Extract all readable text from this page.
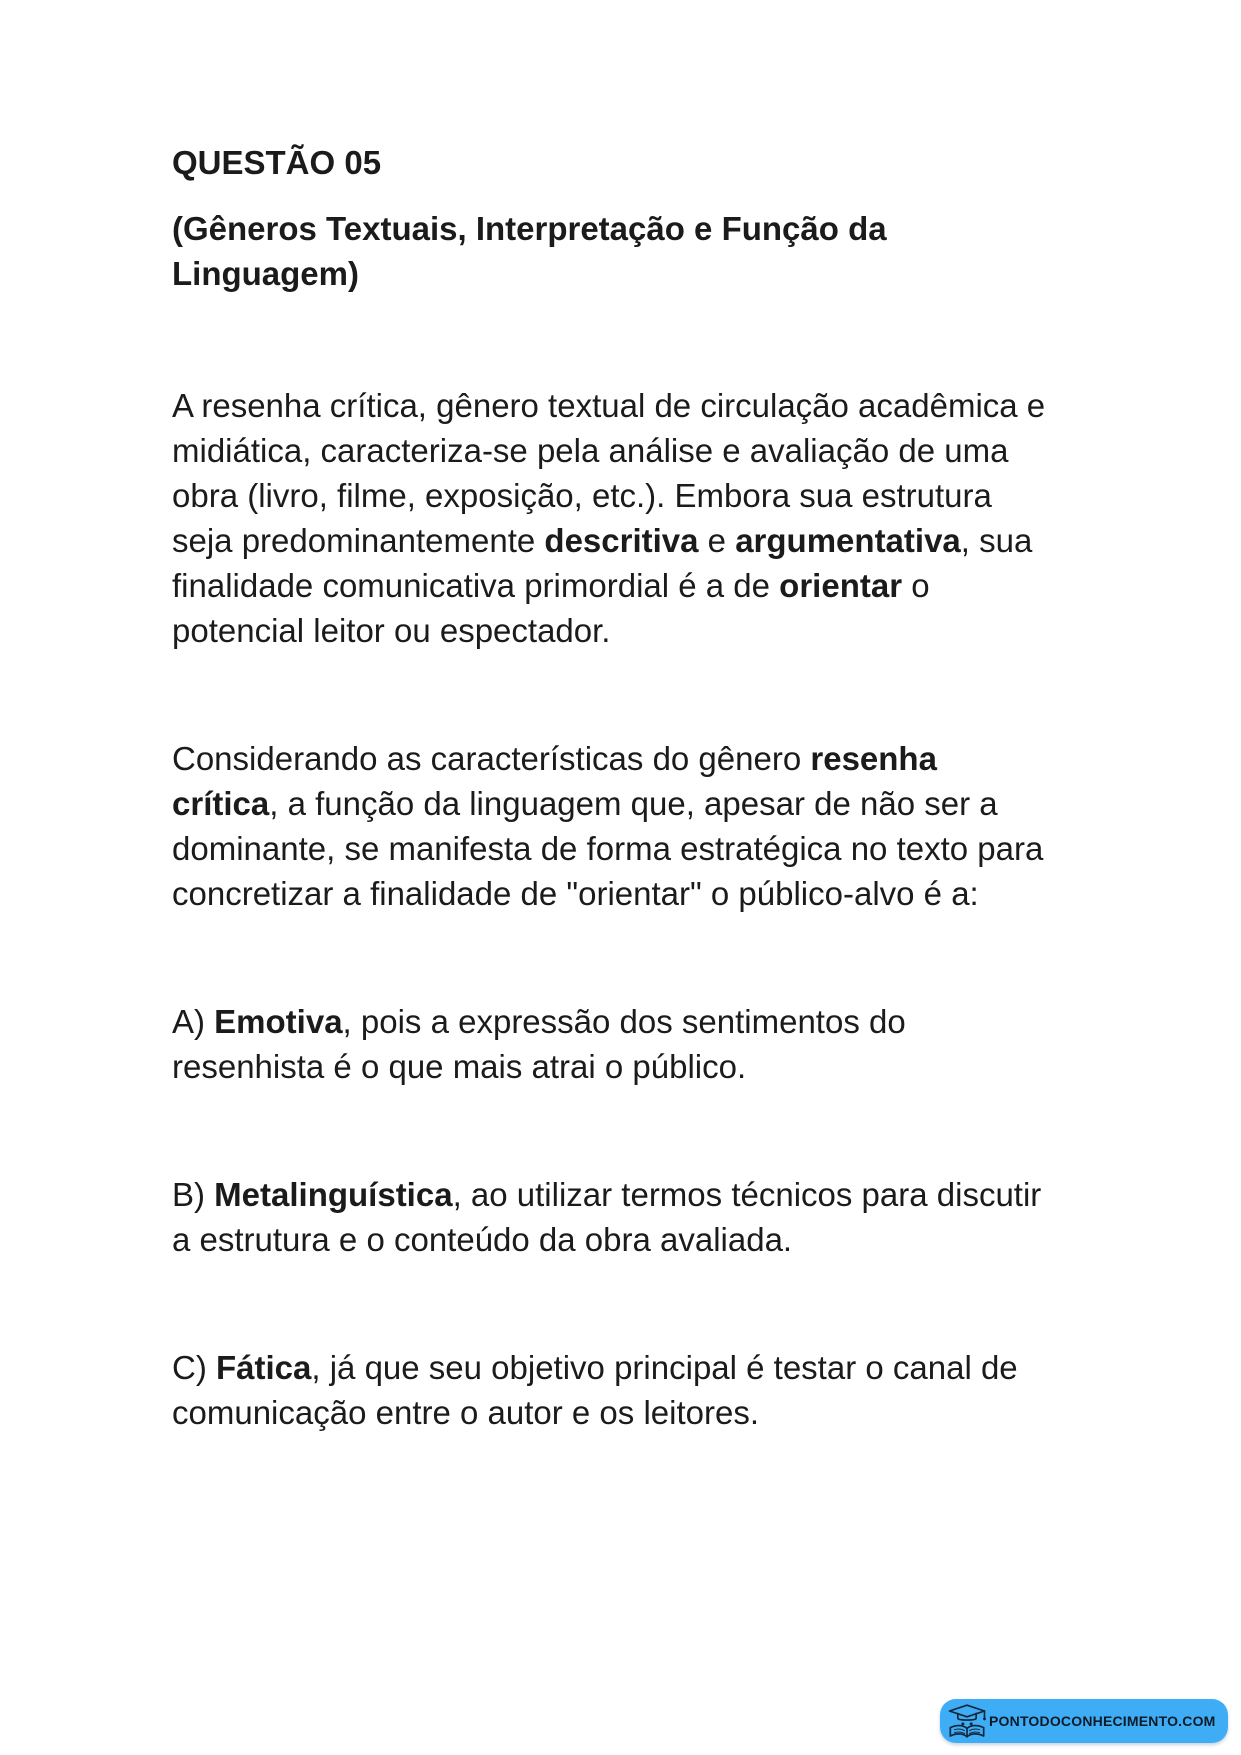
QUESTÃO 05
(Gêneros Textuais, Interpretação e Função da
Linguagem)
A resenha crítica, gênero textual de circulação acadêmica e
midiática, caracteriza-se pela análise e avaliação de uma
obra (livro, filme, exposição, etc.). Embora sua estrutura
seja predominantemente descritiva e argumentativa, sua
finalidade comunicativa primordial é a de orientar o
potencial leitor ou espectador.
Considerando as características do gênero resenha
crítica, a função da linguagem que, apesar de não ser a
dominante, se manifesta de forma estratégica no texto para
concretizar a finalidade de "orientar" o público-alvo é a:
A) Emotiva, pois a expressão dos sentimentos do
resenhista é o que mais atrai o público.
B) Metalinguística, ao utilizar termos técnicos para discutir
a estrutura e o conteúdo da obra avaliada.
C) Fática, já que seu objetivo principal é testar o canal de
comunicação entre o autor e os leitores.
PONTODOCONHECIMENTO.COM
